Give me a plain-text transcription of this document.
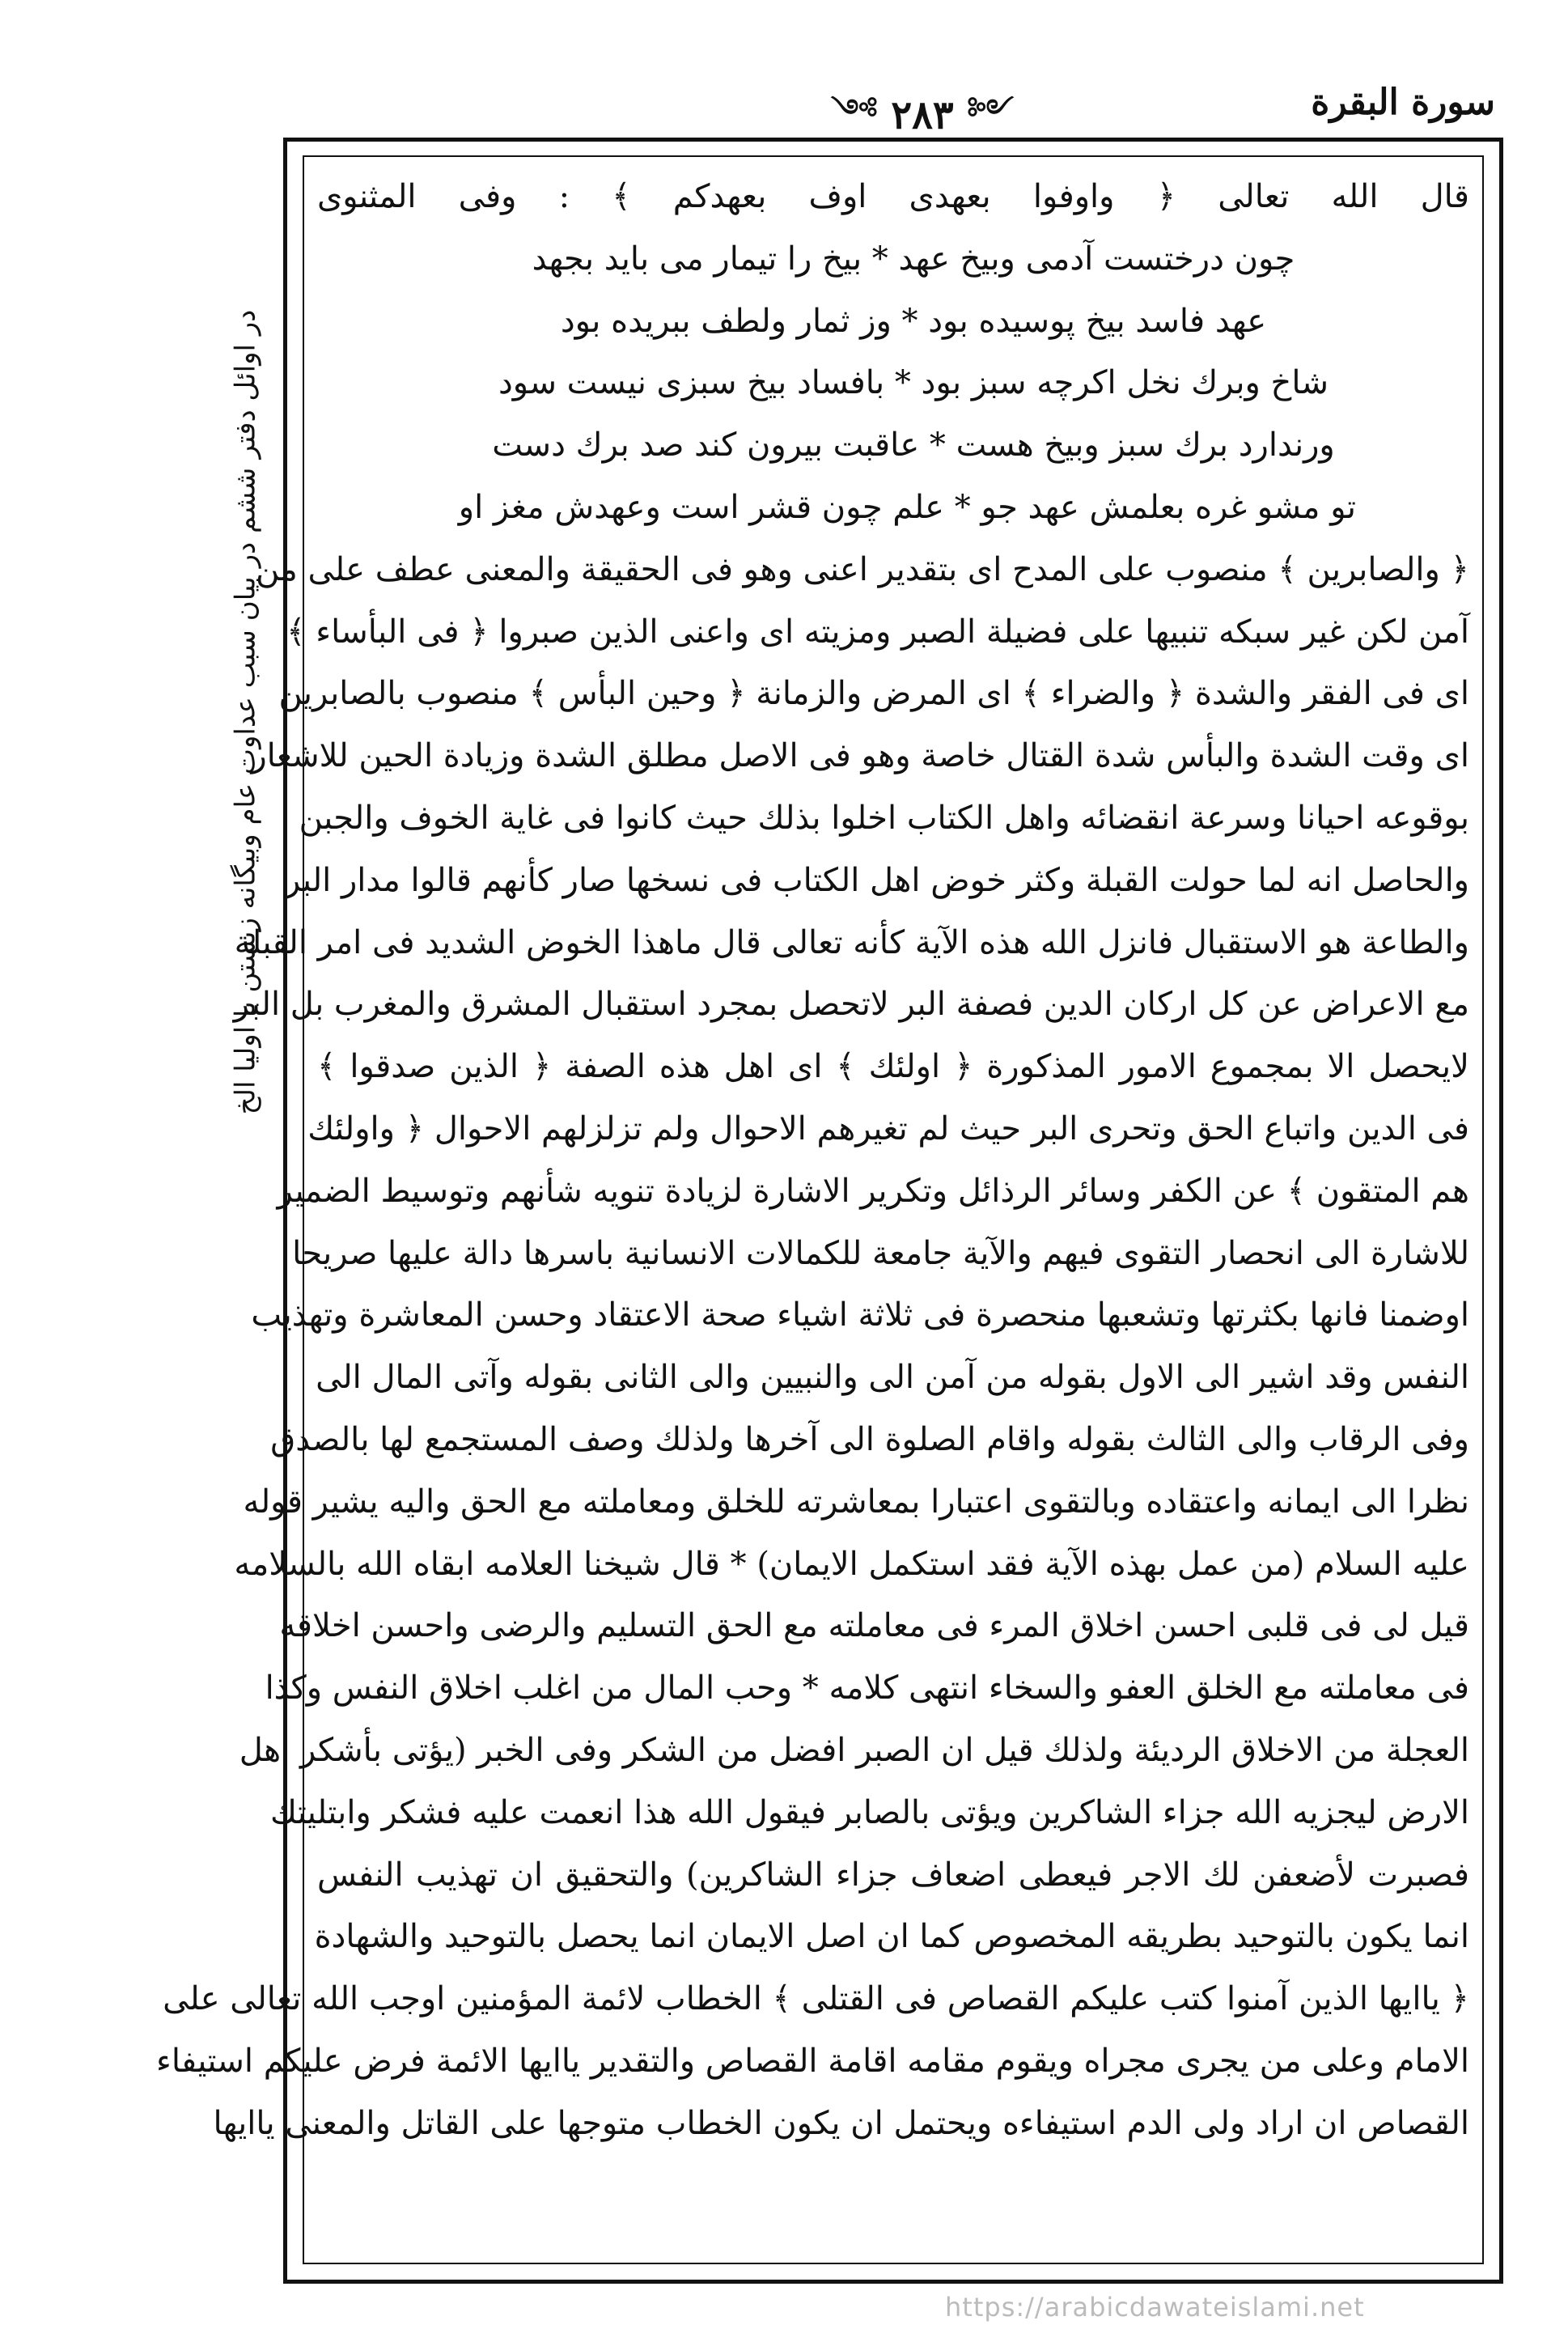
سورة البقرة
༺ ٢٨٣ ༻
در اوائل دفتر ششم در بيان سبب عداوت عام وبيگانه زيستن با اوليا الخ
قال الله تعالى ﴿ واوفوا بعهدى اوف بعهدكم ﴾ : وفى المثنوى
چون درختست آدمى وبيخ عهد * بيخ را تيمار مى بايد بجهد
عهد فاسد بيخ پوسيده بود * وز ثمار ولطف ببريده بود
شاخ وبرك نخل اكرچه سبز بود * بافساد بيخ سبزى نيست سود
ورندارد برك سبز وبيخ هست * عاقبت بيرون كند صد برك دست
تو مشو غره بعلمش عهد جو * علم چون قشر است وعهدش مغز او
﴿ والصابرين ﴾ منصوب على المدح اى بتقدير اعنى وهو فى الحقيقة والمعنى عطف على من
آمن لكن غير سبكه تنبيها على فضيلة الصبر ومزيته اى واعنى الذين صبروا ﴿ فى البأساء ﴾
اى فى الفقر والشدة ﴿ والضراء ﴾ اى المرض والزمانة ﴿ وحين البأس ﴾ منصوب بالصابرين
اى وقت الشدة والبأس شدة القتال خاصة وهو فى الاصل مطلق الشدة وزيادة الحين للاشعار
بوقوعه احيانا وسرعة انقضائه واهل الكتاب اخلوا بذلك حيث كانوا فى غاية الخوف والجبن
والحاصل انه لما حولت القبلة وكثر خوض اهل الكتاب فى نسخها صار كأنهم قالوا مدار البر
والطاعة هو الاستقبال فانزل الله هذه الآية كأنه تعالى قال ماهذا الخوض الشديد فى امر القبلة
مع الاعراض عن كل اركان الدين فصفة البر لاتحصل بمجرد استقبال المشرق والمغرب بل البر
لايحصل الا بمجموع الامور المذكورة ﴿ اولئك ﴾ اى اهل هذه الصفة ﴿ الذين صدقوا ﴾
فى الدين واتباع الحق وتحرى البر حيث لم تغيرهم الاحوال ولم تزلزلهم الاحوال ﴿ واولئك
هم المتقون ﴾ عن الكفر وسائر الرذائل وتكرير الاشارة لزيادة تنويه شأنهم وتوسيط الضمير
للاشارة الى انحصار التقوى فيهم والآية جامعة للكمالات الانسانية باسرها دالة عليها صريحا
اوضمنا فانها بكثرتها وتشعبها منحصرة فى ثلاثة اشياء صحة الاعتقاد وحسن المعاشرة وتهذيب
النفس وقد اشير الى الاول بقوله من آمن الى والنبيين والى الثانى بقوله وآتى المال الى
وفى الرقاب والى الثالث بقوله واقام الصلوة الى آخرها ولذلك وصف المستجمع لها بالصدق
نظرا الى ايمانه واعتقاده وبالتقوى اعتبارا بمعاشرته للخلق ومعاملته مع الحق واليه يشير قوله
عليه السلام (من عمل بهذه الآية فقد استكمل الايمان) * قال شيخنا العلامه ابقاه الله بالسلامه
قيل لى فى قلبى احسن اخلاق المرء فى معاملته مع الحق التسليم والرضى واحسن اخلاقه
فى معاملته مع الخلق العفو والسخاء انتهى كلامه * وحب المال من اغلب اخلاق النفس وكذا
العجلة من الاخلاق الرديئة ولذلك قيل ان الصبر افضل من الشكر وفى الخبر (يؤتى بأشكر اهل
الارض ليجزيه الله جزاء الشاكرين ويؤتى بالصابر فيقول الله هذا انعمت عليه فشكر وابتليتك
فصبرت لأضعفن لك الاجر فيعطى اضعاف جزاء الشاكرين) والتحقيق ان تهذيب النفس
انما يكون بالتوحيد بطريقه المخصوص كما ان اصل الايمان انما يحصل بالتوحيد والشهادة
﴿ ياايها الذين آمنوا كتب عليكم القصاص فى القتلى ﴾ الخطاب لائمة المؤمنين اوجب الله تعالى على
الامام وعلى من يجرى مجراه ويقوم مقامه اقامة القصاص والتقدير ياايها الائمة فرض عليكم استيفاء
القصاص ان اراد ولى الدم استيفاءه ويحتمل ان يكون الخطاب متوجها على القاتل والمعنى ياايها
https://arabicdawateislami.net
